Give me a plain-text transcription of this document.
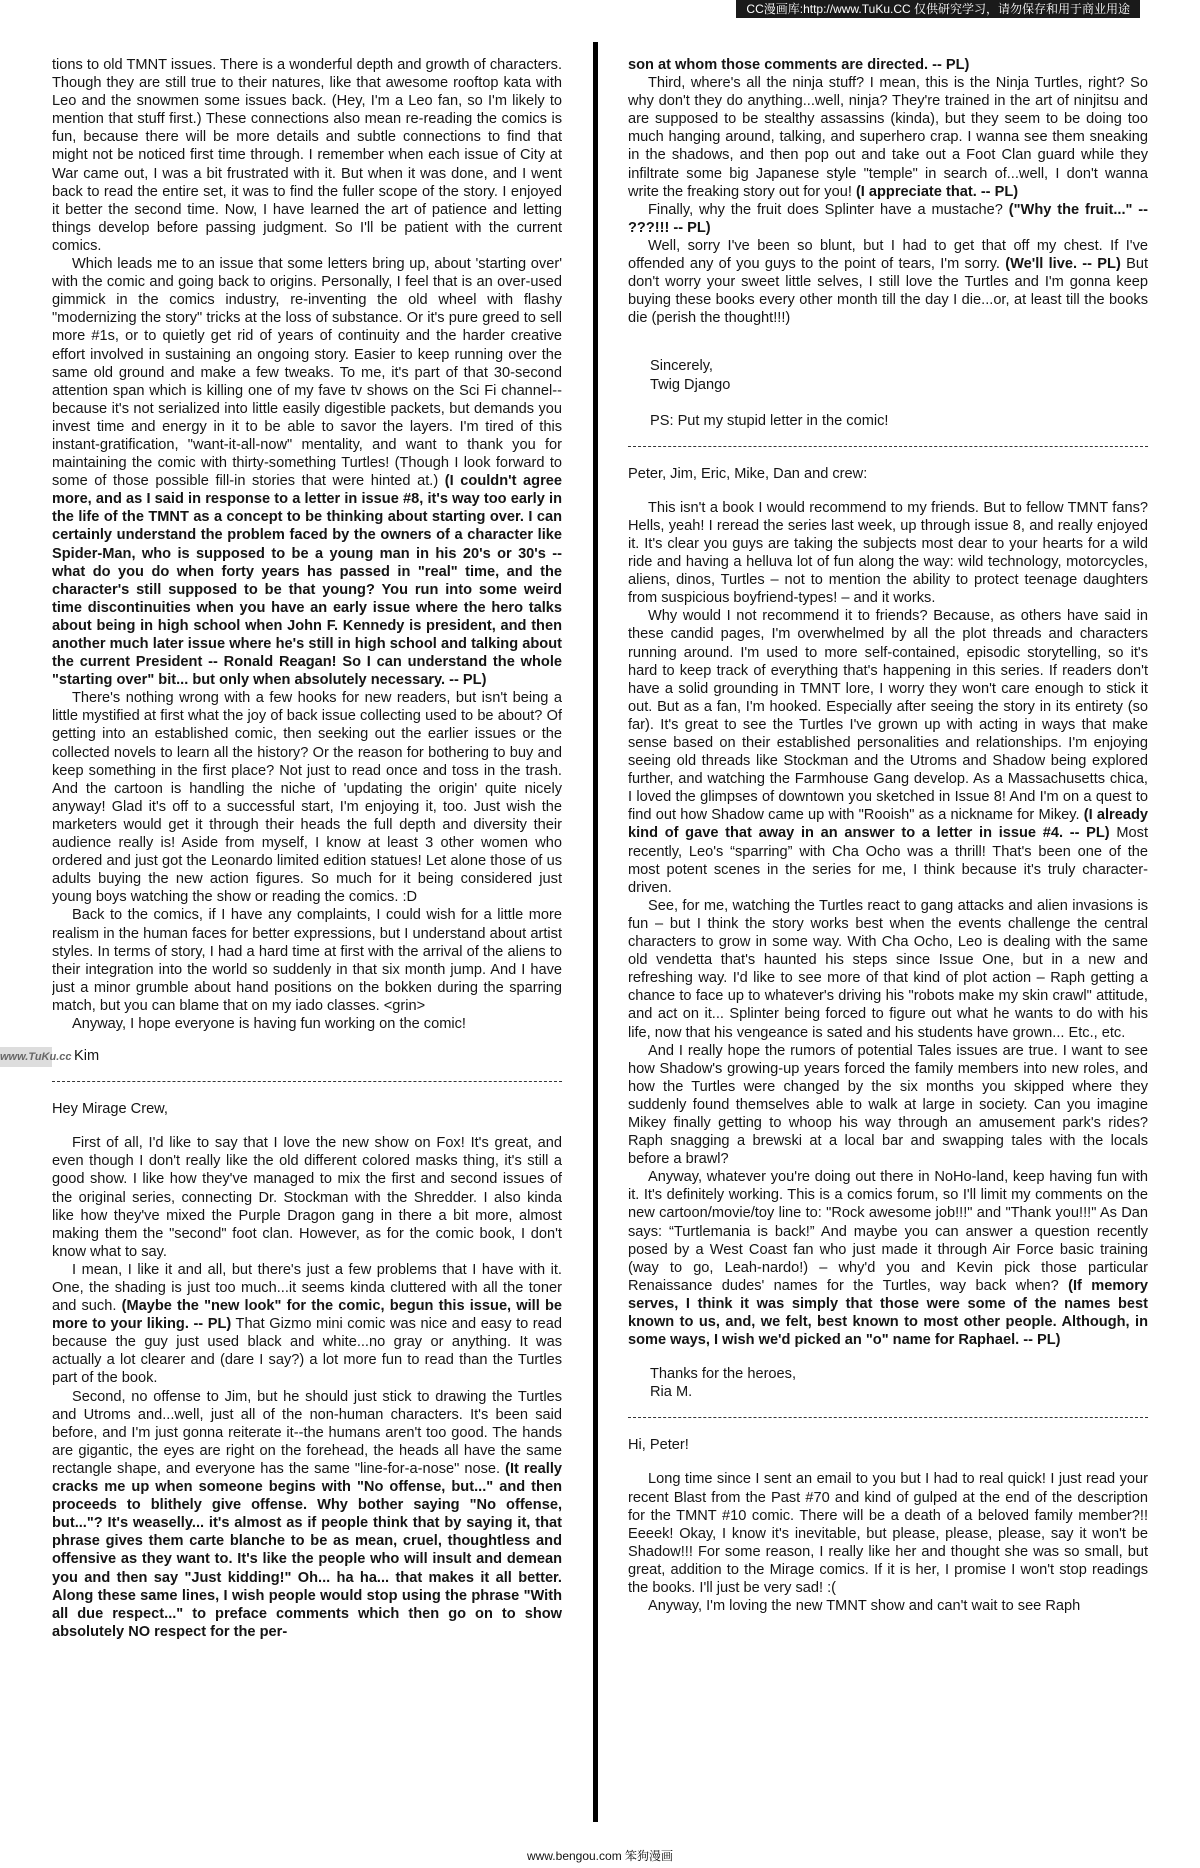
CC漫画库:http://www.TuKu.CC 仅供研究学习，请勿保存和用于商业用途
www.TuKu.cc

tions to old TMNT issues. There is a wonderful depth and growth of characters. Though they are still true to their natures, like that awesome rooftop kata with Leo and the snowmen some issues back. (Hey, I'm a Leo fan, so I'm likely to mention that stuff first.) These connections also mean re-reading the comics is fun, because there will be more details and subtle connections to find that might not be noticed first time through. I remember when each issue of City at War came out, I was a bit frustrated with it. But when it was done, and I went back to read the entire set, it was to find the fuller scope of the story. I enjoyed it better the second time. Now, I have learned the art of patience and letting things develop before passing judgment. So I'll be patient with the current comics.

Which leads me to an issue that some letters bring up, about 'starting over' with the comic and going back to origins. Personally, I feel that is an over-used gimmick in the comics industry, re-inventing the old wheel with flashy "modernizing the story" tricks at the loss of substance. Or it's pure greed to sell more #1s, or to quietly get rid of years of continuity and the harder creative effort involved in sustaining an ongoing story. Easier to keep running over the same old ground and make a few tweaks. To me, it's part of that 30-second attention span which is killing one of my fave tv shows on the Sci Fi channel--because it's not serialized into little easily digestible packets, but demands you invest time and energy in it to be able to savor the layers. I'm tired of this instant-gratification, "want-it-all-now" mentality, and want to thank you for maintaining the comic with thirty-something Turtles! (Though I look forward to some of those possible fill-in stories that were hinted at.) (I couldn't agree more, and as I said in response to a letter in issue #8, it's way too early in the life of the TMNT as a concept to be thinking about starting over. I can certainly understand the problem faced by the owners of a character like Spider-Man, who is supposed to be a young man in his 20's or 30's -- what do you do when forty years has passed in "real" time, and the character's still supposed to be that young? You run into some weird time discontinuities when you have an early issue where the hero talks about being in high school when John F. Kennedy is president, and then another much later issue where he's still in high school and talking about the current President -- Ronald Reagan! So I can understand the whole "starting over" bit... but only when absolutely necessary. -- PL)

There's nothing wrong with a few hooks for new readers, but isn't being a little mystified at first what the joy of back issue collecting used to be about? Of getting into an established comic, then seeking out the earlier issues or the collected novels to learn all the history? Or the reason for bothering to buy and keep something in the first place? Not just to read once and toss in the trash. And the cartoon is handling the niche of 'updating the origin' quite nicely anyway! Glad it's off to a successful start, I'm enjoying it, too. Just wish the marketers would get it through their heads the full depth and diversity their audience really is! Aside from myself, I know at least 3 other women who ordered and just got the Leonardo limited edition statues! Let alone those of us adults buying the new action figures. So much for it being considered just young boys watching the show or reading the comics. :D

Back to the comics, if I have any complaints, I could wish for a little more realism in the human faces for better expressions, but I understand about artist styles. In terms of story, I had a hard time at first with the arrival of the aliens to their integration into the world so suddenly in that six month jump. And I have just a minor grumble about hand positions on the bokken during the sparring match, but you can blame that on my iado classes. <grin>

Anyway, I hope everyone is having fun working on the comic!

Kim

Hey Mirage Crew,

First of all, I'd like to say that I love the new show on Fox! It's great, and even though I don't really like the old different colored masks thing, it's still a good show. I like how they've managed to mix the first and second issues of the original series, connecting Dr. Stockman with the Shredder. I also kinda like how they've mixed the Purple Dragon gang in there a bit more, almost making them the "second" foot clan. However, as for the comic book, I don't know what to say.

I mean, I like it and all, but there's just a few problems that I have with it. One, the shading is just too much...it seems kinda cluttered with all the toner and such. (Maybe the "new look" for the comic, begun this issue, will be more to your liking. -- PL) That Gizmo mini comic was nice and easy to read because the guy just used black and white...no gray or anything. It was actually a lot clearer and (dare I say?) a lot more fun to read than the Turtles part of the book.

Second, no offense to Jim, but he should just stick to drawing the Turtles and Utroms and...well, just all of the non-human characters. It's been said before, and I'm just gonna reiterate it--the humans aren't too good. The hands are gigantic, the eyes are right on the forehead, the heads all have the same rectangle shape, and everyone has the same "line-for-a-nose" nose. (It really cracks me up when someone begins with "No offense, but..." and then proceeds to blithely give offense. Why bother saying "No offense, but..."? It's weaselly... it's almost as if people think that by saying it, that phrase gives them carte blanche to be as mean, cruel, thoughtless and offensive as they want to. It's like the people who will insult and demean you and then say "Just kidding!" Oh... ha ha... that makes it all better. Along these same lines, I wish people would stop using the phrase "With all due respect..." to preface comments which then go on to show absolutely NO respect for the per-

son at whom those comments are directed. -- PL)

Third, where's all the ninja stuff? I mean, this is the Ninja Turtles, right? So why don't they do anything...well, ninja? They're trained in the art of ninjitsu and are supposed to be stealthy assassins (kinda), but they seem to be doing too much hanging around, talking, and superhero crap. I wanna see them sneaking in the shadows, and then pop out and take out a Foot Clan guard while they infiltrate some big Japanese style "temple" in search of...well, I don't wanna write the freaking story out for you! (I appreciate that. -- PL)

Finally, why the fruit does Splinter have a mustache? ("Why the fruit..." -- ???!!! -- PL)

Well, sorry I've been so blunt, but I had to get that off my chest. If I've offended any of you guys to the point of tears, I'm sorry. (We'll live. -- PL) But don't worry your sweet little selves, I still love the Turtles and I'm gonna keep buying these books every other month till the day I die...or, at least till the books die (perish the thought!!!)

Sincerely,
Twig Django

PS: Put my stupid letter in the comic!

Peter, Jim, Eric, Mike, Dan and crew:

This isn't a book I would recommend to my friends. But to fellow TMNT fans? Hells, yeah! I reread the series last week, up through issue 8, and really enjoyed it. It's clear you guys are taking the subjects most dear to your hearts for a wild ride and having a helluva lot of fun along the way: wild technology, motorcycles, aliens, dinos, Turtles – not to mention the ability to protect teenage daughters from suspicious boyfriend-types! – and it works.

Why would I not recommend it to friends? Because, as others have said in these candid pages, I'm overwhelmed by all the plot threads and characters running around. I'm used to more self-contained, episodic storytelling, so it's hard to keep track of everything that's happening in this series. If readers don't have a solid grounding in TMNT lore, I worry they won't care enough to stick it out. But as a fan, I'm hooked. Especially after seeing the story in its entirety (so far). It's great to see the Turtles I've grown up with acting in ways that make sense based on their established personalities and relationships. I'm enjoying seeing old threads like Stockman and the Utroms and Shadow being explored further, and watching the Farmhouse Gang develop. As a Massachusetts chica, I loved the glimpses of downtown you sketched in Issue 8! And I'm on a quest to find out how Shadow came up with "Rooish" as a nickname for Mikey. (I already kind of gave that away in an answer to a letter in issue #4. -- PL) Most recently, Leo's “sparring” with Cha Ocho was a thrill! That's been one of the most potent scenes in the series for me, I think because it's truly character-driven.

See, for me, watching the Turtles react to gang attacks and alien invasions is fun – but I think the story works best when the events challenge the central characters to grow in some way. With Cha Ocho, Leo is dealing with the same old vendetta that's haunted his steps since Issue One, but in a new and refreshing way. I'd like to see more of that kind of plot action – Raph getting a chance to face up to whatever's driving his "robots make my skin crawl" attitude, and act on it... Splinter being forced to figure out what he wants to do with his life, now that his vengeance is sated and his students have grown... Etc., etc.

And I really hope the rumors of potential Tales issues are true. I want to see how Shadow's growing-up years forced the family members into new roles, and how the Turtles were changed by the six months you skipped where they suddenly found themselves able to walk at large in society. Can you imagine Mikey finally getting to whoop his way through an amusement park's rides? Raph snagging a brewski at a local bar and swapping tales with the locals before a brawl?

Anyway, whatever you're doing out there in NoHo-land, keep having fun with it. It's definitely working. This is a comics forum, so I'll limit my comments on the new cartoon/movie/toy line to: "Rock awesome job!!!" and "Thank you!!!" As Dan says: “Turtlemania is back!” And maybe you can answer a question recently posed by a West Coast fan who just made it through Air Force basic training (way to go, Leah-nardo!) – why'd you and Kevin pick those particular Renaissance dudes' names for the Turtles, way back when? (If memory serves, I think it was simply that those were some of the names best known to us, and, we felt, best known to most other people. Although, in some ways, I wish we'd picked an "o" name for Raphael. -- PL)

Thanks for the heroes,
Ria M.

Hi, Peter!

Long time since I sent an email to you but I had to real quick! I just read your recent Blast from the Past #70 and kind of gulped at the end of the description for the TMNT #10 comic. There will be a death of a beloved family member?!! Eeeek! Okay, I know it's inevitable, but please, please, please, say it won't be Shadow!!! For some reason, I really like her and thought she was so small, but great, addition to the Mirage comics. If it is her, I promise I won't stop readings the books. I'll just be very sad! :(

Anyway, I'm loving the new TMNT show and can't wait to see Raph

www.bengou.com 笨狗漫画
